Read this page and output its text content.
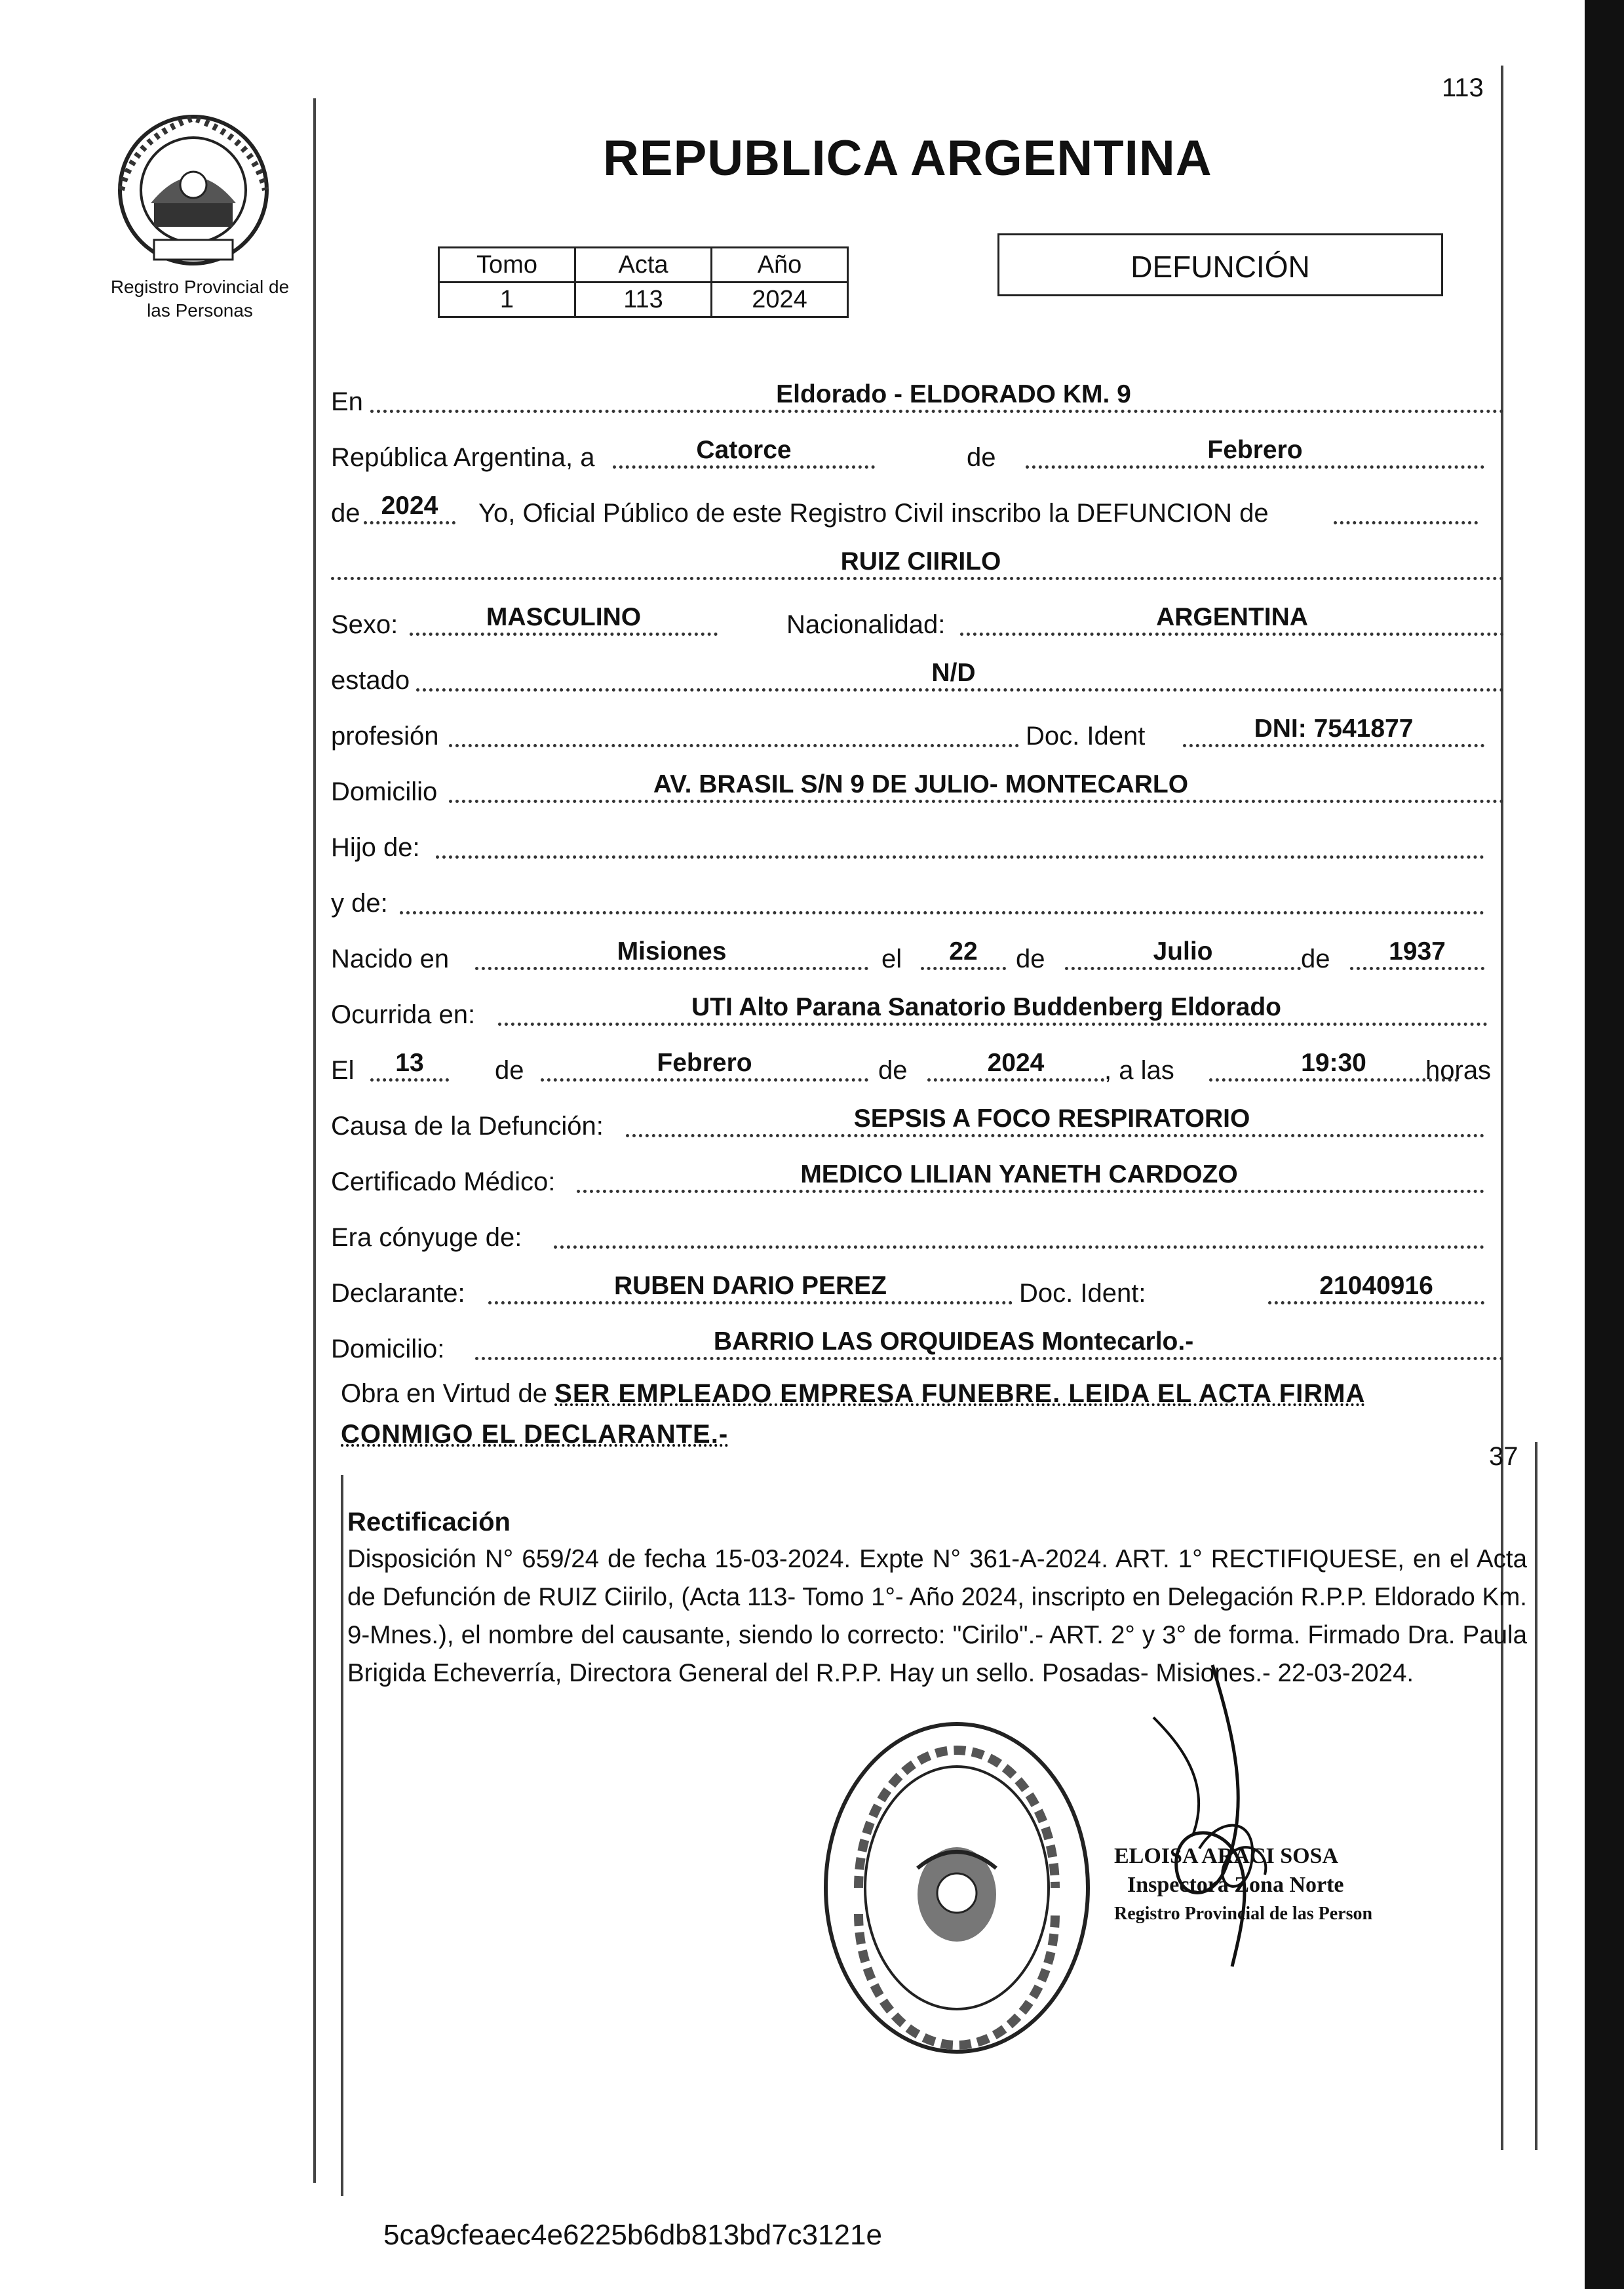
113
Registro Provincial de
las Personas
REPUBLICA ARGENTINA
Tomo	Acta	Año
1	113	2024
DEFUNCIÓN
En	Eldorado - ELDORADO KM. 9
República Argentina, a	Catorce	de	Febrero
de 2024	Yo, Oficial Público de este Registro Civil inscribo la DEFUNCION de
RUIZ CIIRILO
Sexo:	MASCULINO	Nacionalidad:	ARGENTINA
estado	N/D
profesión	Doc. Ident	DNI: 7541877
Domicilio	AV. BRASIL S/N 9 DE JULIO- MONTECARLO
Hijo de:
y de:
Nacido en	Misiones	el	22	de	Julio	de	1937
Ocurrida en:	UTI Alto Parana Sanatorio Buddenberg Eldorado
El	13	de	Febrero	de	2024	, a las	19:30	horas
Causa de la Defunción:	SEPSIS A FOCO RESPIRATORIO
Certificado Médico:	MEDICO LILIAN YANETH CARDOZO
Era cónyuge de:
Declarante:	RUBEN DARIO PEREZ	Doc. Ident:	21040916
Domicilio:	BARRIO LAS ORQUIDEAS Montecarlo.-
Obra en Virtud de SER EMPLEADO EMPRESA FUNEBRE. LEIDA EL ACTA FIRMA
CONMIGO EL DECLARANTE.-
37
Rectificación
Disposición N° 659/24 de fecha 15-03-2024. Expte N° 361-A-2024. ART. 1° RECTIFIQUESE, en el Acta de Defunción de RUIZ Ciirilo, (Acta 113- Tomo 1°- Año 2024, inscripto en Delegación R.P.P. Eldorado Km. 9-Mnes.), el nombre del causante, siendo lo correcto: "Cirilo".- ART. 2° y 3° de forma. Firmado Dra. Paula Brigida Echeverría, Directora General del R.P.P. Hay un sello. Posadas- Misiones.- 22-03-2024.
ELOISA ARACI SOSA
Inspectora Zona Norte
Registro Provincial de las Person
5ca9cfeaec4e6225b6db813bd7c3121e
